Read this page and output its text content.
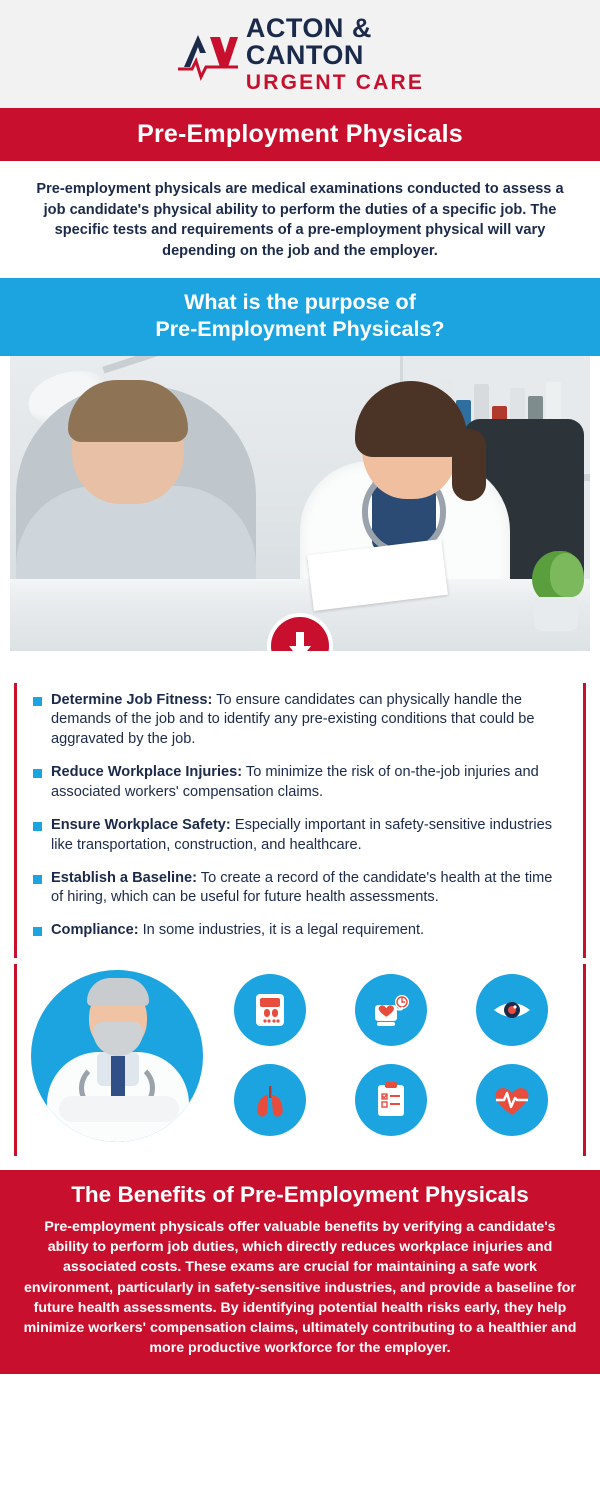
ACTON &
CANTON
URGENT CARE
Pre-Employment Physicals
Pre-employment physicals are medical examinations conducted to assess a job candidate's physical ability to perform the duties of a specific job. The specific tests and requirements of a pre-employment physical will vary depending on the job and the employer.
What is the purpose of
Pre-Employment Physicals?
Determine Job Fitness: To ensure candidates can physically handle the demands of the job and to identify any pre-existing conditions that could be aggravated by the job.
Reduce Workplace Injuries: To minimize the risk of on-the-job injuries and associated workers' compensation claims.
Ensure Workplace Safety: Especially important in safety-sensitive industries like transportation, construction, and healthcare.
Establish a Baseline: To create a record of the candidate's health at the time of hiring, which can be useful for future health assessments.
Compliance: In some industries, it is a legal requirement.
The Benefits of Pre-Employment Physicals

Pre-employment physicals offer valuable benefits by verifying a candidate's ability to perform job duties, which directly reduces workplace injuries and associated costs. These exams are crucial for maintaining a safe work environment, particularly in safety-sensitive industries, and provide a baseline for future health assessments. By identifying potential health risks early, they help minimize workers' compensation claims, ultimately contributing to a healthier and more productive workforce for the employer.
